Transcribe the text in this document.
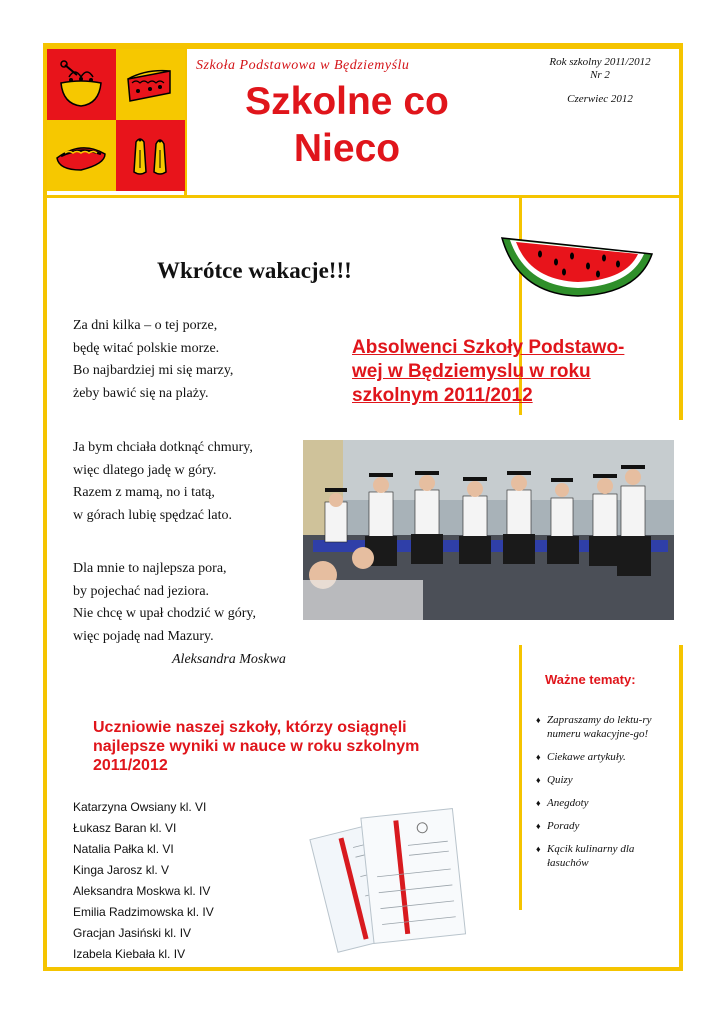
Szkoła Podstawowa w Będziemyślu
Szkolne co
Nieco
Rok szkolny 2011/2012
Nr 2
Czerwiec 2012
Wkrótce wakacje!!!
Za dni kilka – o tej porze,
będę witać polskie morze.
Bo najbardziej mi się marzy,
żeby bawić się na plaży.
Ja bym chciała dotknąć chmury,
więc dlatego jadę w góry.
Razem z mamą, no i tatą,
w górach lubię spędzać lato.
Dla mnie to najlepsza pora,
by pojechać nad jeziora.
Nie chcę w upał chodzić w góry,
więc pojadę nad Mazury.
Aleksandra Moskwa
Absolwenci Szkoły Podstawo-
wej w Będziemyslu w roku
szkolnym 2011/2012
Ważne tematy:
♦ Zapraszamy do lektu-ry numeru wakacyjne-go!
♦ Ciekawe artykuły.
♦ Quizy
♦ Anegdoty
♦ Porady
♦ Kącik kulinarny dla łasuchów
Uczniowie naszej szkoły, którzy osiągnęli
najlepsze wyniki w nauce w roku szkolnym
2011/2012
Katarzyna Owsiany kl. VI
Łukasz Baran kl. VI
Natalia Pałka kl. VI
Kinga Jarosz kl. V
Aleksandra Moskwa kl. IV
Emilia Radzimowska kl. IV
Gracjan Jasiński kl. IV
Izabela Kiebała kl. IV
